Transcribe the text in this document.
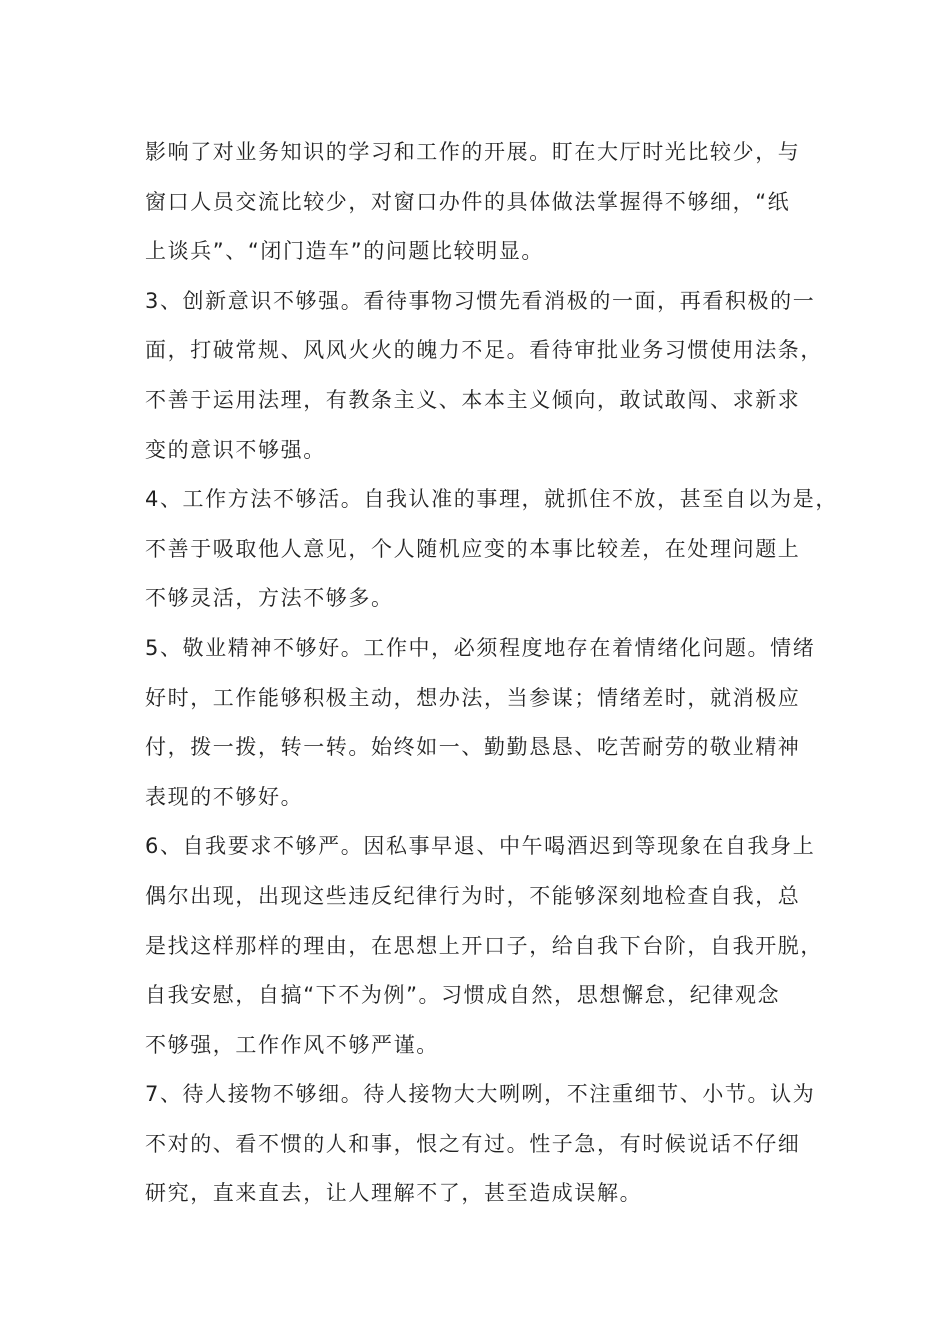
影响了对业务知识的学习和工作的开展。盯在大厅时光比较少，与
窗口人员交流比较少，对窗口办件的具体做法掌握得不够细，“纸
上谈兵”、“闭门造车”的问题比较明显。

3、创新意识不够强。看待事物习惯先看消极的一面，再看积极的一
面，打破常规、风风火火的魄力不足。看待审批业务习惯使用法条，
不善于运用法理，有教条主义、本本主义倾向，敢试敢闯、求新求
变的意识不够强。

4、工作方法不够活。自我认准的事理，就抓住不放，甚至自以为是，
不善于吸取他人意见，个人随机应变的本事比较差，在处理问题上
不够灵活，方法不够多。

5、敬业精神不够好。工作中，必须程度地存在着情绪化问题。情绪
好时，工作能够积极主动，想办法，当参谋；情绪差时，就消极应
付，拨一拨，转一转。始终如一、勤勤恳恳、吃苦耐劳的敬业精神
表现的不够好。

6、自我要求不够严。因私事早退、中午喝酒迟到等现象在自我身上
偶尔出现，出现这些违反纪律行为时，不能够深刻地检查自我，总
是找这样那样的理由，在思想上开口子，给自我下台阶，自我开脱，
自我安慰，自搞“下不为例”。习惯成自然，思想懈怠，纪律观念
不够强，工作作风不够严谨。

7、待人接物不够细。待人接物大大咧咧，不注重细节、小节。认为
不对的、看不惯的人和事，恨之有过。性子急，有时候说话不仔细
研究，直来直去，让人理解不了，甚至造成误解。
